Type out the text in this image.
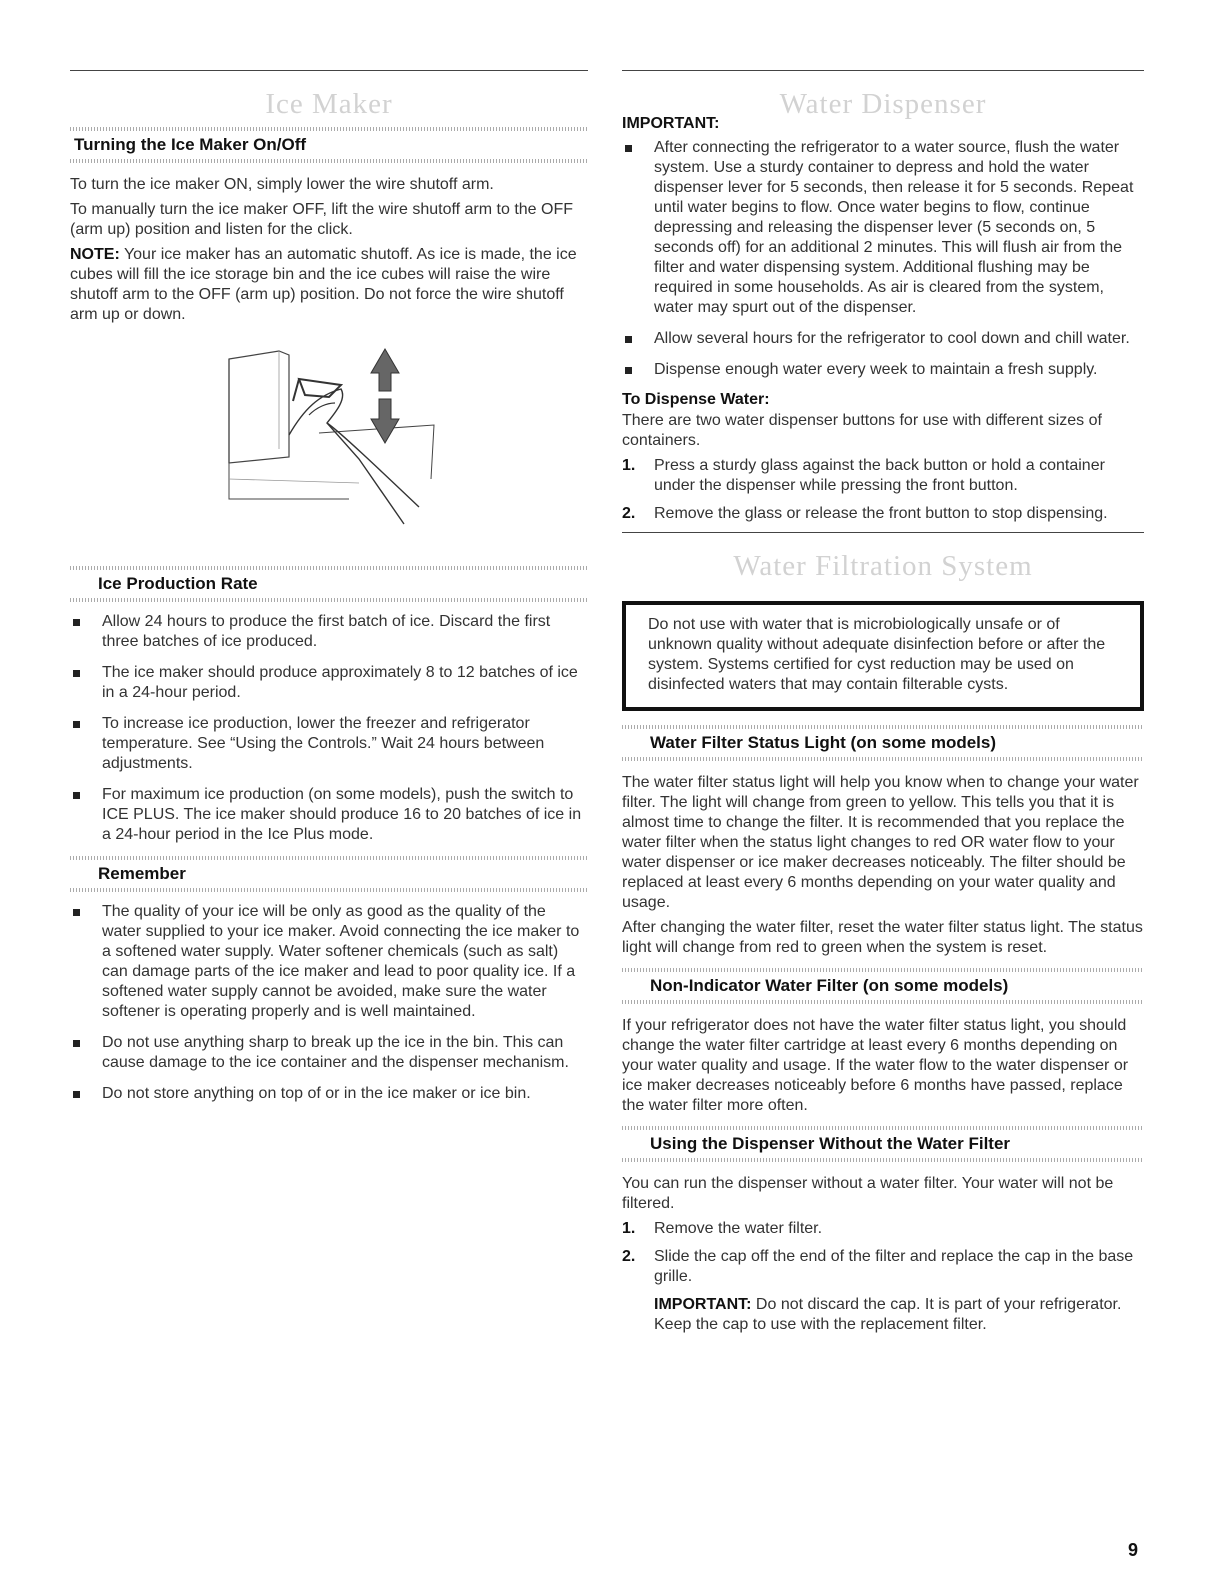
Ice Maker
Turning the Ice Maker On/Off

To turn the ice maker ON, simply lower the wire shutoff arm.

To manually turn the ice maker OFF, lift the wire shutoff arm to the OFF (arm up) position and listen for the click.

NOTE: Your ice maker has an automatic shutoff. As ice is made, the ice cubes will fill the ice storage bin and the ice cubes will raise the wire shutoff arm to the OFF (arm up) position. Do not force the wire shutoff arm up or down.

Ice Production Rate
Allow 24 hours to produce the first batch of ice. Discard the first three batches of ice produced.
The ice maker should produce approximately 8 to 12 batches of ice in a 24-hour period.
To increase ice production, lower the freezer and refrigerator temperature. See “Using the Controls.” Wait 24 hours between adjustments.
For maximum ice production (on some models), push the switch to ICE PLUS. The ice maker should produce 16 to 20 batches of ice in a 24-hour period in the Ice Plus mode.
Remember
The quality of your ice will be only as good as the quality of the water supplied to your ice maker. Avoid connecting the ice maker to a softened water supply. Water softener chemicals (such as salt) can damage parts of the ice maker and lead to poor quality ice. If a softened water supply cannot be avoided, make sure the water softener is operating properly and is well maintained.
Do not use anything sharp to break up the ice in the bin. This can cause damage to the ice container and the dispenser mechanism.
Do not store anything on top of or in the ice maker or ice bin.
Water Dispenser
IMPORTANT:
After connecting the refrigerator to a water source, flush the water system. Use a sturdy container to depress and hold the water dispenser lever for 5 seconds, then release it for 5 seconds. Repeat until water begins to flow. Once water begins to flow, continue depressing and releasing the dispenser lever (5 seconds on, 5 seconds off) for an additional 2 minutes. This will flush air from the filter and water dispensing system. Additional flushing may be required in some households. As air is cleared from the system, water may spurt out of the dispenser.
Allow several hours for the refrigerator to cool down and chill water.
Dispense enough water every week to maintain a fresh supply.
To Dispense Water:

There are two water dispenser buttons for use with different sizes of containers.

1. Press a sturdy glass against the back button or hold a container under the dispenser while pressing the front button.
2. Remove the glass or release the front button to stop dispensing.
Water Filtration System
Do not use with water that is microbiologically unsafe or of unknown quality without adequate disinfection before or after the system. Systems certified for cyst reduction may be used on disinfected waters that may contain filterable cysts.
Water Filter Status Light (on some models)

The water filter status light will help you know when to change your water filter. The light will change from green to yellow. This tells you that it is almost time to change the filter. It is recommended that you replace the water filter when the status light changes to red OR water flow to your water dispenser or ice maker decreases noticeably. The filter should be replaced at least every 6 months depending on your water quality and usage.

After changing the water filter, reset the water filter status light. The status light will change from red to green when the system is reset.

Non-Indicator Water Filter (on some models)

If your refrigerator does not have the water filter status light, you should change the water filter cartridge at least every 6 months depending on your water quality and usage. If the water flow to the water dispenser or ice maker decreases noticeably before 6 months have passed, replace the water filter more often.

Using the Dispenser Without the Water Filter

You can run the dispenser without a water filter. Your water will not be filtered.

1. Remove the water filter.
2. Slide the cap off the end of the filter and replace the cap in the base grille.

IMPORTANT: Do not discard the cap. It is part of your refrigerator. Keep the cap to use with the replacement filter.

9
